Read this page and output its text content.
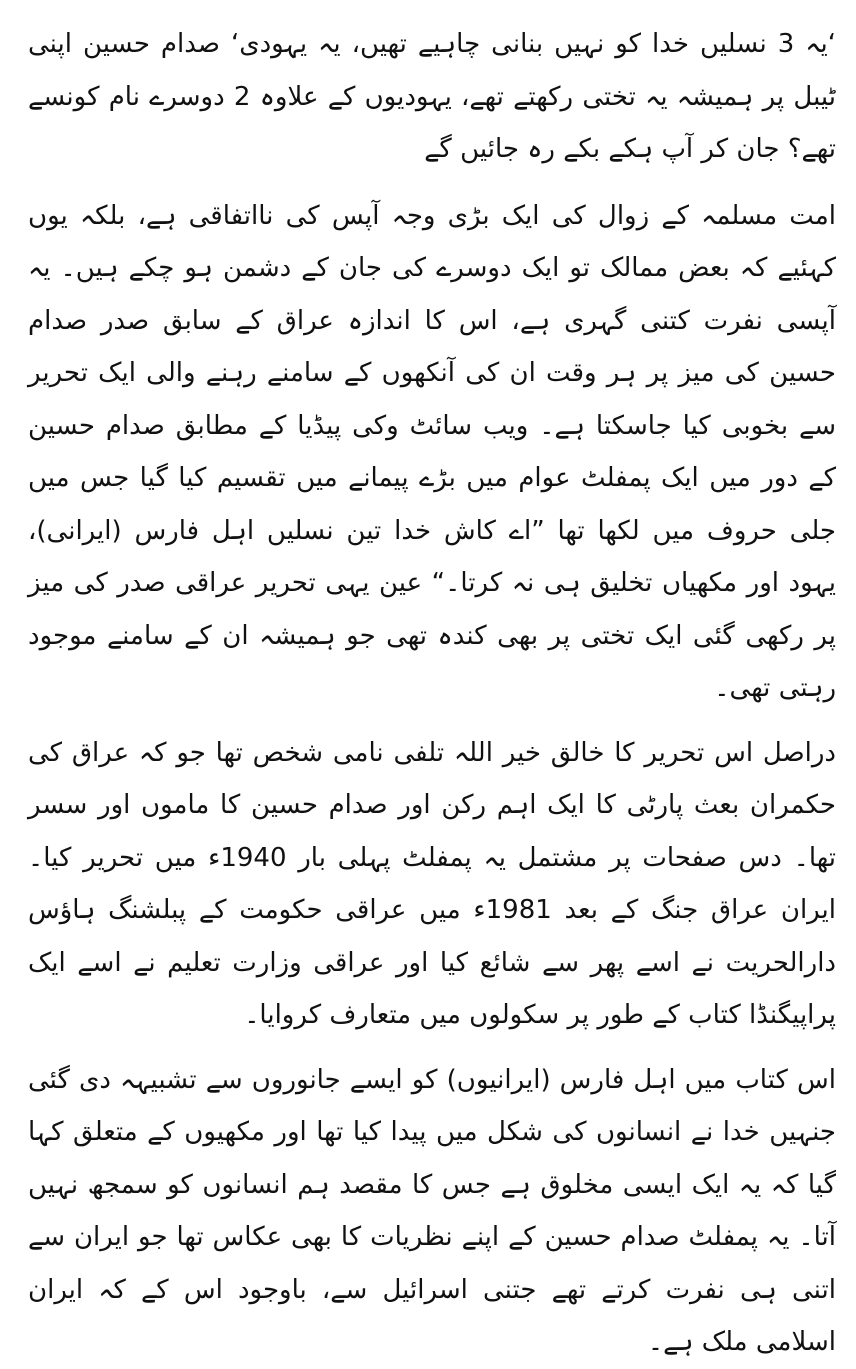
‘یہ 3 نسلیں خدا کو نہیں بنانی چاہیے تھیں، یہ یہودی‘ صدام حسین اپنی ٹیبل پر ہمیشہ یہ تختی رکھتے تھے، یہودیوں کے علاوہ 2 دوسرے نام کونسے تھے؟ جان کر آپ ہکے بکے رہ جائیں گے

امت مسلمہ کے زوال کی ایک بڑی وجہ آپس کی نااتفاقی ہے، بلکہ یوں کہئیے کہ بعض ممالک تو ایک دوسرے کی جان کے دشمن ہو چکے ہیں۔ یہ آپسی نفرت کتنی گہری ہے، اس کا اندازہ عراق کے سابق صدر صدام حسین کی میز پر ہر وقت ان کی آنکھوں کے سامنے رہنے والی ایک تحریر سے بخوبی کیا جاسکتا ہے۔ ویب سائٹ وکی پیڈیا کے مطابق صدام حسین کے دور میں ایک پمفلٹ عوام میں بڑے پیمانے میں تقسیم کیا گیا جس میں جلی حروف میں لکھا تھا ”اے کاش خدا تین نسلیں اہل فارس (ایرانی)، یہود اور مکھیاں تخلیق ہی نہ کرتا۔“ عین یہی تحریر عراقی صدر کی میز پر رکھی گئی ایک تختی پر بھی کندہ تھی جو ہمیشہ ان کے سامنے موجود رہتی تھی۔

دراصل اس تحریر کا خالق خیر اللہ تلفی نامی شخص تھا جو کہ عراق کی حکمران بعث پارٹی کا ایک اہم رکن اور صدام حسین کا ماموں اور سسر تھا۔ دس صفحات پر مشتمل یہ پمفلٹ پہلی بار 1940ء میں تحریر کیا۔ ایران عراق جنگ کے بعد 1981ء میں عراقی حکومت کے پبلشنگ ہاؤس دارالحریت نے اسے پھر سے شائع کیا اور عراقی وزارت تعلیم نے اسے ایک پراپیگنڈا کتاب کے طور پر سکولوں میں متعارف کروایا۔

اس کتاب میں اہل فارس (ایرانیوں) کو ایسے جانوروں سے تشبیہہ دی گئی جنہیں خدا نے انسانوں کی شکل میں پیدا کیا تھا اور مکھیوں کے متعلق کہا گیا کہ یہ ایک ایسی مخلوق ہے جس کا مقصد ہم انسانوں کو سمجھ نہیں آتا۔ یہ پمفلٹ صدام حسین کے اپنے نظریات کا بھی عکاس تھا جو ایران سے اتنی ہی نفرت کرتے تھے جتنی اسرائیل سے، باوجود اس کے کہ ایران اسلامی ملک ہے۔
